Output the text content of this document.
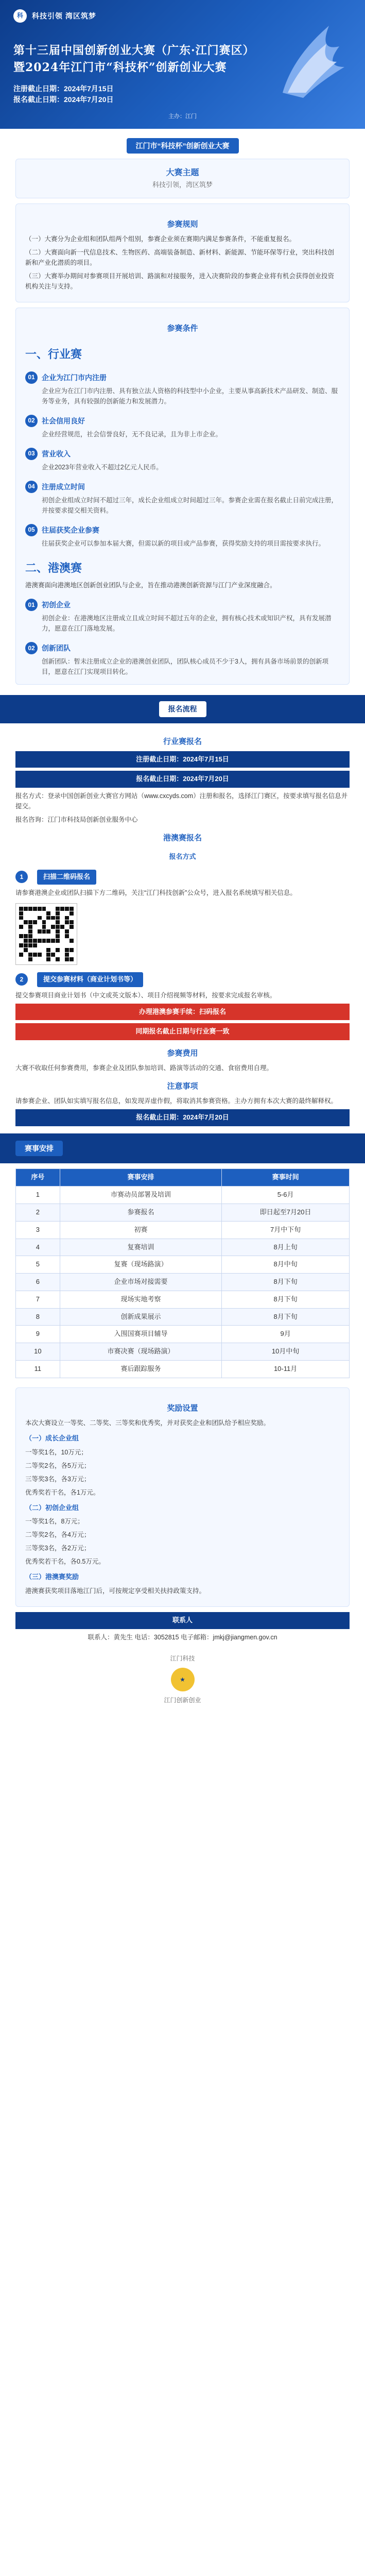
科	科技引领 湾区筑梦
第十三届中国创新创业大赛（广东·江门赛区）暨2024年江门市“科技杯”创新创业大赛
注册截止日期：2024年7月15日
报名截止日期：2024年7月20日
主办：江门
江门市“科技杯”创新创业大赛
大赛主题
科技引领，湾区筑梦
参赛规则

（一）大赛分为企业组和团队组两个组别，参赛企业须在赛期内满足参赛条件，不能重复报名。

（二）大赛面向新一代信息技术、生物医药、高端装备制造、新材料、新能源、节能环保等行业，突出科技创新和产业化潜质的项目。

（三）大赛举办期间对参赛项目开展培训、路演和对接服务，进入决赛阶段的参赛企业将有机会获得创业投资机构关注与支持。

参赛条件
一、行业赛
01 企业为江门市内注册
企业应为在江门市内注册、具有独立法人资格的科技型中小企业，主要从事高新技术产品研发、制造、服务等业务，具有较强的创新能力和发展潜力。
02 社会信用良好
企业经营规范，社会信誉良好，无不良记录，且为非上市企业。
03 营业收入
企业2023年营业收入不超过2亿元人民币。
04 注册成立时间
初创企业组成立时间不超过三年，成长企业组成立时间超过三年。参赛企业需在报名截止日前完成注册，并按要求提交相关资料。
05 往届获奖企业参赛
往届获奖企业可以参加本届大赛，但需以新的项目或产品参赛，获得奖励支持的项目需按要求执行。
二、港澳赛

港澳赛面向港澳地区创新创业团队与企业，旨在推动港澳创新资源与江门产业深度融合。

01 初创企业
初创企业：在港澳地区注册成立且成立时间不超过五年的企业，拥有核心技术或知识产权，具有发展潜力，愿意在江门落地发展。
02 创新团队
创新团队：暂未注册成立企业的港澳创业团队，团队核心成员不少于3人，拥有具备市场前景的创新项目，愿意在江门实现项目转化。
报名流程
行业赛报名
注册截止日期：2024年7月15日
报名截止日期：2024年7月20日

报名方式：登录中国创新创业大赛官方网站（www.cxcyds.com）注册和报名，选择江门赛区，按要求填写报名信息并提交。

报名咨询：江门市科技局创新创业服务中心

港澳赛报名
报名方式
1	扫描二维码报名

请参赛港澳企业或团队扫描下方二维码，关注“江门科技创新”公众号，进入报名系统填写相关信息。

2	提交参赛材料（商业计划书等）

提交参赛项目商业计划书（中文或英文版本）、项目介绍视频等材料，按要求完成报名审核。

办理港澳参赛手续：扫码报名
同期报名截止日期与行业赛一致
参赛费用

大赛不收取任何参赛费用，参赛企业及团队参加培训、路演等活动的交通、食宿费用自理。

注意事项

请参赛企业、团队如实填写报名信息，如发现弄虚作假，将取消其参赛资格。主办方拥有本次大赛的最终解释权。

报名截止日期：2024年7月20日
赛事安排
序号	赛事安排	赛事时间
1	市赛动员部署及培训	5-6月
2	参赛报名	即日起至7月20日
3	初赛	7月中下旬
4	复赛培训	8月上旬
5	复赛（现场路演）	8月中旬
6	企业市场对接需要	8月下旬
7	现场实地考察	8月下旬
8	创新成果展示	8月下旬
9	入围国赛项目辅导	9月
10	市赛决赛（现场路演）	10月中旬
11	赛后跟踪服务	10-11月
奖励设置

本次大赛设立一等奖、二等奖、三等奖和优秀奖，并对获奖企业和团队给予相应奖励。

（一）成长企业组

一等奖1名，10万元；

二等奖2名，各5万元；

三等奖3名，各3万元；

优秀奖若干名，各1万元。

（二）初创企业组

一等奖1名，8万元；

二等奖2名，各4万元；

三等奖3名，各2万元；

优秀奖若干名，各0.5万元。

（三）港澳赛奖励

港澳赛获奖项目落地江门后，可按规定享受相关扶持政策支持。

联系人

联系人：黄先生 电话：3052815 电子邮箱：jmkj@jiangmen.gov.cn

江门科技
★
江门创新创业
